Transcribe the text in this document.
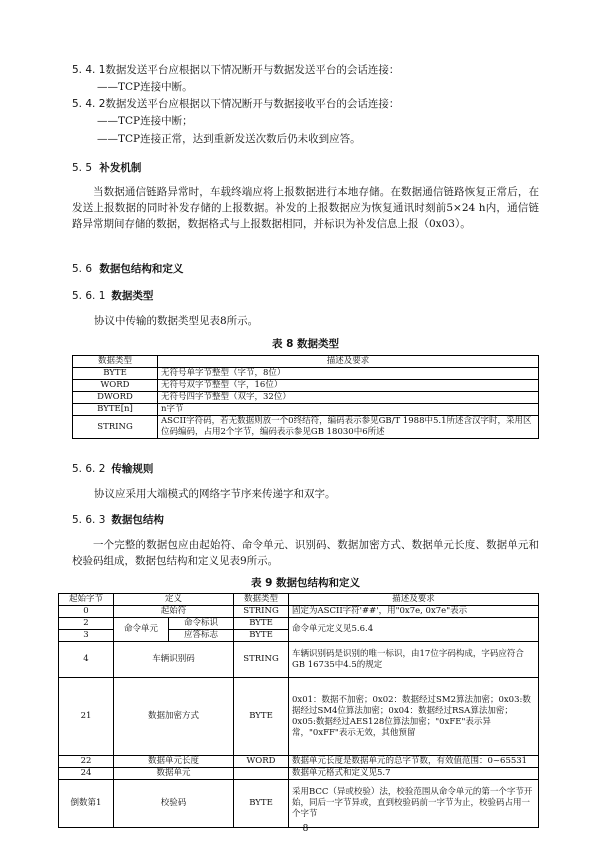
5. 4. 1 数据发送平台应根据以下情况断开与数据发送平台的会话连接：
——TCP连接中断。
5. 4. 2 数据发送平台应根据以下情况断开与数据接收平台的会话连接：
——TCP连接中断；
——TCP连接正常，达到重新发送次数后仍未收到应答。
5. 5 补发机制
当数据通信链路异常时，车载终端应将上报数据进行本地存储。在数据通信链路恢复正常后，在发送上报数据的同时补发存储的上报数据。补发的上报数据应为恢复通讯时刻前5×24 h内，通信链路异常期间存储的数据，数据格式与上报数据相同，并标识为补发信息上报（0x03）。
5. 6 数据包结构和定义
5. 6. 1 数据类型
协议中传输的数据类型见表8所示。
表 8 数据类型
数据类型	描述及要求
BYTE	无符号单字节整型（字节，8位）
WORD	无符号双字节整型（字，16位）
DWORD	无符号四字节整型（双字，32位）
BYTE[n]	n字节
STRING	ASCII字符码，若无数据则放一个0终结符，编码表示参见GB/T 1988中5.1所述含汉字时，采用区位码编码，占用2个字节，编码表示参见GB 18030中6所述
5. 6. 2 传输规则
协议应采用大端模式的网络字节序来传递字和双字。
5. 6. 3 数据包结构
一个完整的数据包应由起始符、命令单元、识别码、数据加密方式、数据单元长度、数据单元和校验码组成，数据包结构和定义见表9所示。
表 9 数据包结构和定义
起始字节	定义		数据类型	描述及要求
0	起始符		STRING	固定为ASCII字符'##'，用"0x7e, 0x7e"表示
2	命令单元	命令标识	BYTE	命令单元定义见5.6.4
3		应答标志	BYTE	
4	车辆识别码		STRING	车辆识别码是识别的唯一标识，由17位字码构成，字码应符合GB 16735中4.5的规定
21	数据加密方式		BYTE	0x01：数据不加密；0x02：数据经过SM2算法加密；0x03:数据经过SM4位算法加密；0x04：数据经过RSA算法加密；0x05:数据经过AES128位算法加密；"0xFE"表示异常，"0xFF"表示无效，其他预留
22	数据单元长度		WORD	数据单元长度是数据单元的总字节数，有效值范围：0~65531
24	数据单元			数据单元格式和定义见5.7
倒数第1	校验码		BYTE	采用BCC（异或校验）法，校验范围从命令单元的第一个字节开始，同后一字节异或，直到校验码前一字节为止，校验码占用一个字节
8
